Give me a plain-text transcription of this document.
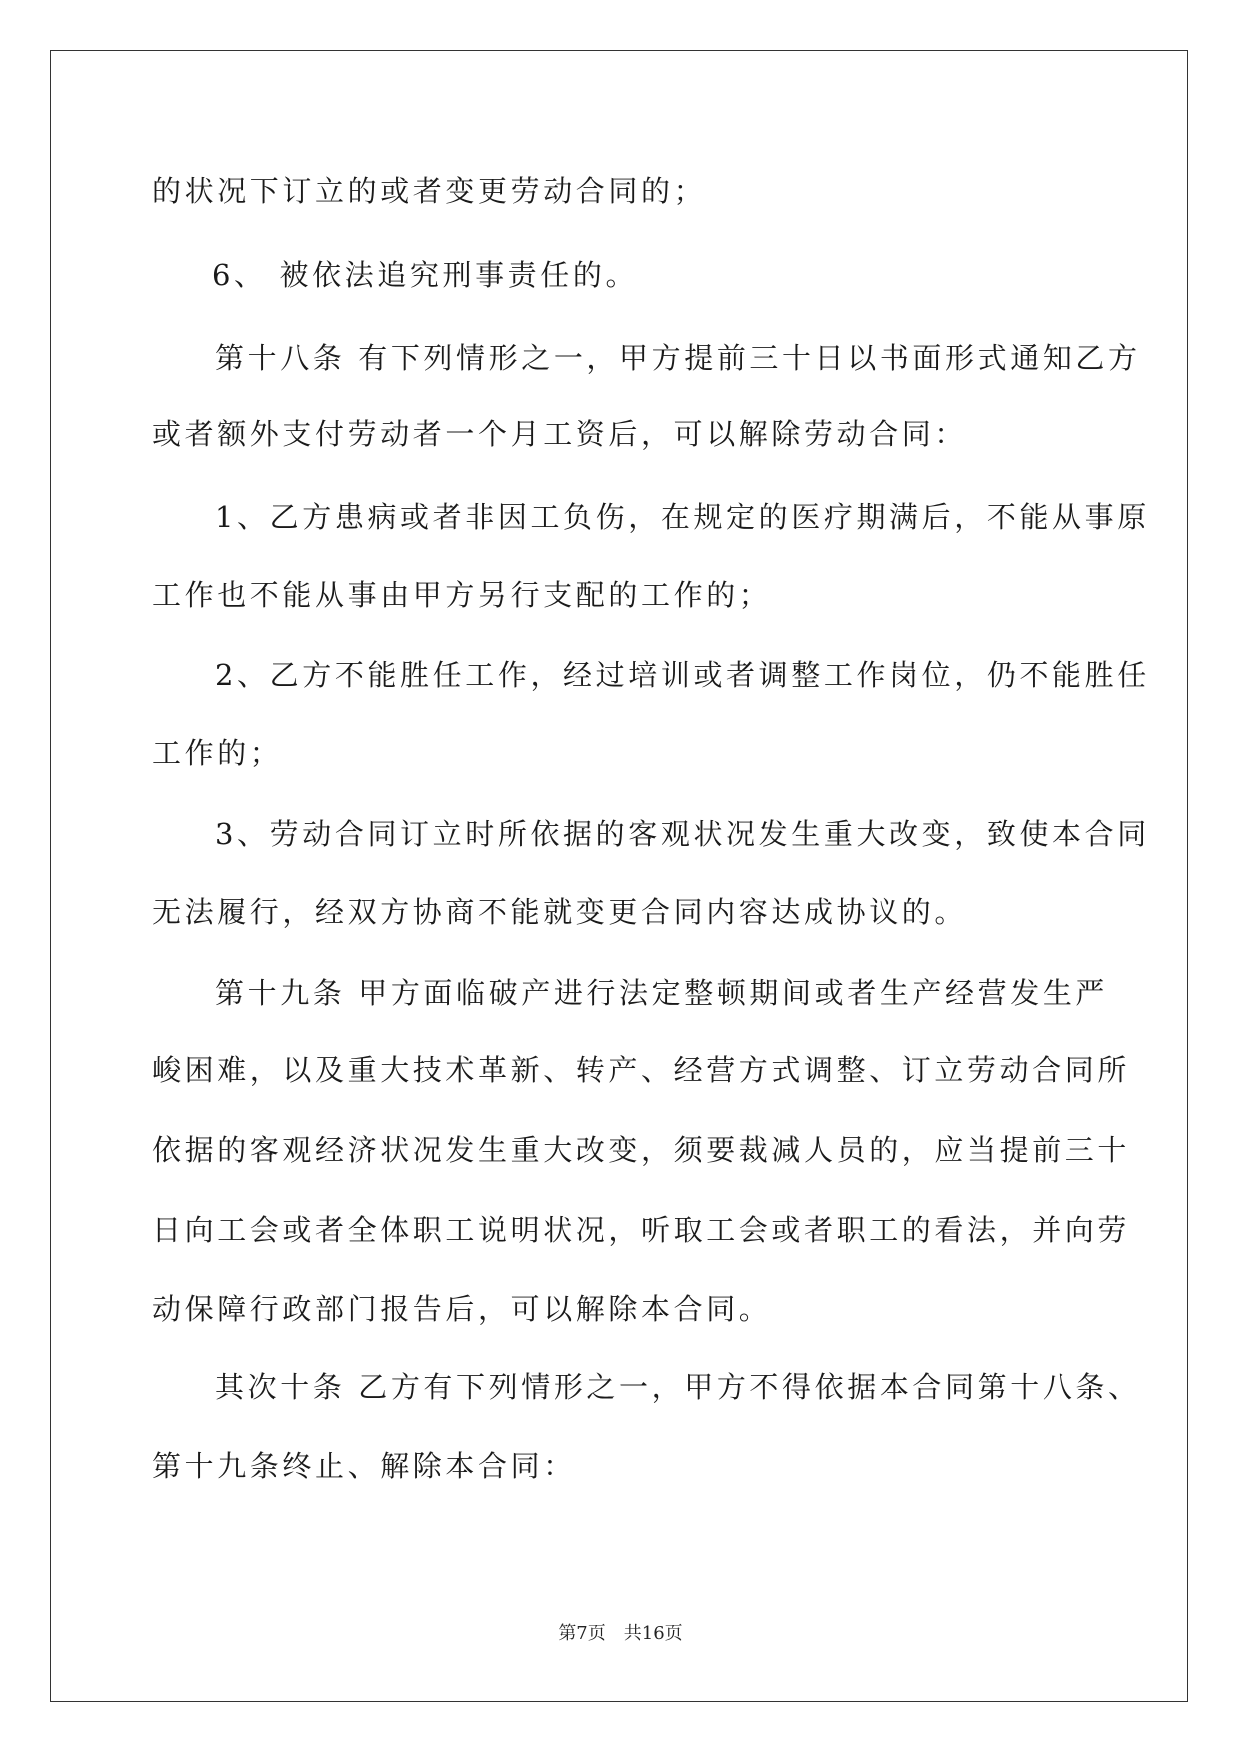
的状况下订立的或者变更劳动合同的；
6、 被依法追究刑事责任的。
第十八条 有下列情形之一，甲方提前三十日以书面形式通知乙方
或者额外支付劳动者一个月工资后，可以解除劳动合同：
1、乙方患病或者非因工负伤，在规定的医疗期满后，不能从事原
工作也不能从事由甲方另行支配的工作的；
2、乙方不能胜任工作，经过培训或者调整工作岗位，仍不能胜任
工作的；
3、劳动合同订立时所依据的客观状况发生重大改变，致使本合同
无法履行，经双方协商不能就变更合同内容达成协议的。
第十九条 甲方面临破产进行法定整顿期间或者生产经营发生严
峻困难，以及重大技术革新、转产、经营方式调整、订立劳动合同所
依据的客观经济状况发生重大改变，须要裁减人员的，应当提前三十
日向工会或者全体职工说明状况，听取工会或者职工的看法，并向劳
动保障行政部门报告后，可以解除本合同。
其次十条 乙方有下列情形之一，甲方不得依据本合同第十八条、
第十九条终止、解除本合同：
第7页 共16页
